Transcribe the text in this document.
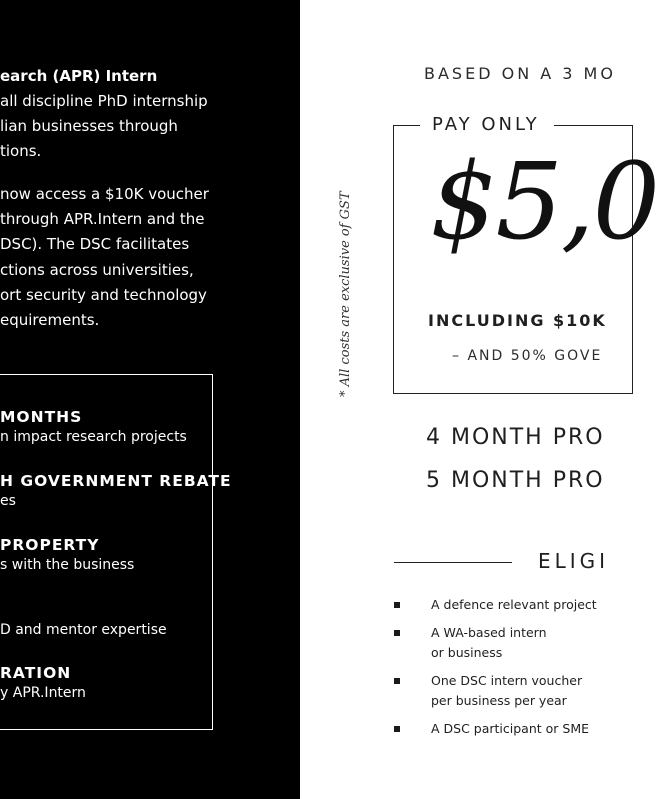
earch (APR) Intern

all discipline PhD internship

lian businesses through

tions.

now access a $10K voucher

through APR.Intern and the

DSC). The DSC facilitates

ctions across universities,

ort security and technology

equirements.

MONTHS
n impact research projects
H GOVERNMENT REBATE
es
PROPERTY
s with the business
D and mentor expertise
RATION
y APR.Intern
BASED ON A 3 MO
* All costs are exclusive of GST
PAY ONLY
$5,0
INCLUDING $10K
– AND 50% GOVE
4 MONTH PRO
5 MONTH PRO
ELIGI
A defence relevant project
A WA-based intern
or business
One DSC intern voucher
per business per year
A DSC participant or SME
